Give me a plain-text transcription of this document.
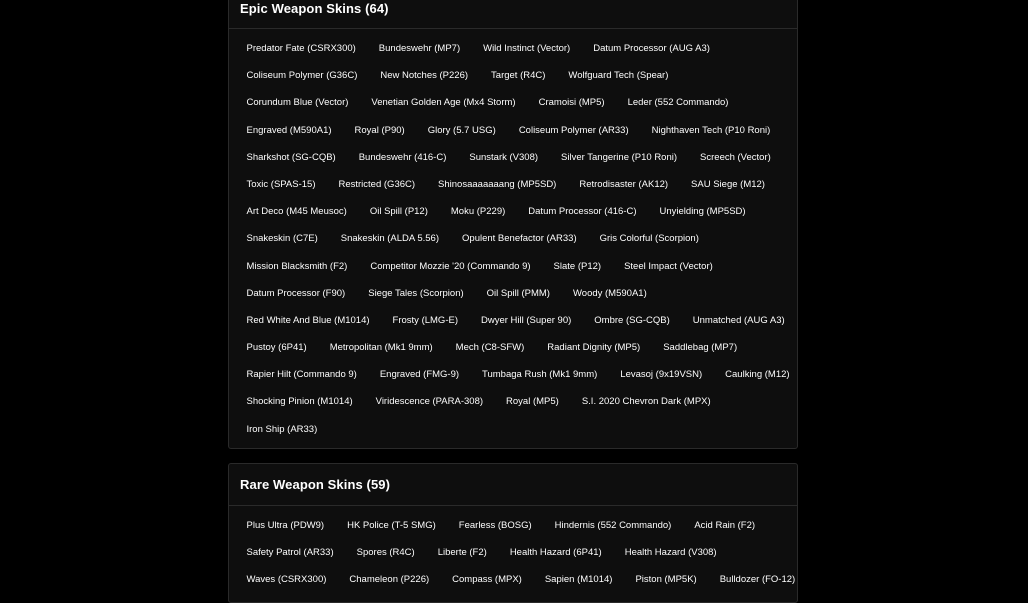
Epic Weapon Skins (64)
Predator Fate (CSRX300)	Bundeswehr (MP7)	Wild Instinct (Vector)	Datum Processor (AUG A3)
Coliseum Polymer (G36C)	New Notches (P226)	Target (R4C)	Wolfguard Tech (Spear)
Corundum Blue (Vector)	Venetian Golden Age (Mx4 Storm)	Cramoisi (MP5)	Leder (552 Commando)
Engraved (M590A1)	Royal (P90)	Glory (5.7 USG)	Coliseum Polymer (AR33)	Nighthaven Tech (P10 Roni)
Sharkshot (SG-CQB)	Bundeswehr (416-C)	Sunstark (V308)	Silver Tangerine (P10 Roni)	Screech (Vector)
Toxic (SPAS-15)	Restricted (G36C)	Shinosaaaaaaang (MP5SD)	Retrodisaster (AK12)	SAU Siege (M12)
Art Deco (M45 Meusoc)	Oil Spill (P12)	Moku (P229)	Datum Processor (416-C)	Unyielding (MP5SD)
Snakeskin (C7E)	Snakeskin (ALDA 5.56)	Opulent Benefactor (AR33)	Gris Colorful (Scorpion)
Mission Blacksmith (F2)	Competitor Mozzie '20 (Commando 9)	Slate (P12)	Steel Impact (Vector)
Datum Processor (F90)	Siege Tales (Scorpion)	Oil Spill (PMM)	Woody (M590A1)
Red White And Blue (M1014)	Frosty (LMG-E)	Dwyer Hill (Super 90)	Ombre (SG-CQB)	Unmatched (AUG A3)
Pustoy (6P41)	Metropolitan (Mk1 9mm)	Mech (C8-SFW)	Radiant Dignity (MP5)	Saddlebag (MP7)
Rapier Hilt (Commando 9)	Engraved (FMG-9)	Tumbaga Rush (Mk1 9mm)	Levasoj (9x19VSN)	Caulking (M12)
Shocking Pinion (M1014)	Viridescence (PARA-308)	Royal (MP5)	S.I. 2020 Chevron Dark (MPX)
Iron Ship (AR33)
Rare Weapon Skins (59)
Plus Ultra (PDW9)	HK Police (T-5 SMG)	Fearless (BOSG)	Hindernis (552 Commando)	Acid Rain (F2)
Safety Patrol (AR33)	Spores (R4C)	Liberte (F2)	Health Hazard (6P41)	Health Hazard (V308)
Waves (CSRX300)	Chameleon (P226)	Compass (MPX)	Sapien (M1014)	Piston (MP5K)	Bulldozer (FO-12)
